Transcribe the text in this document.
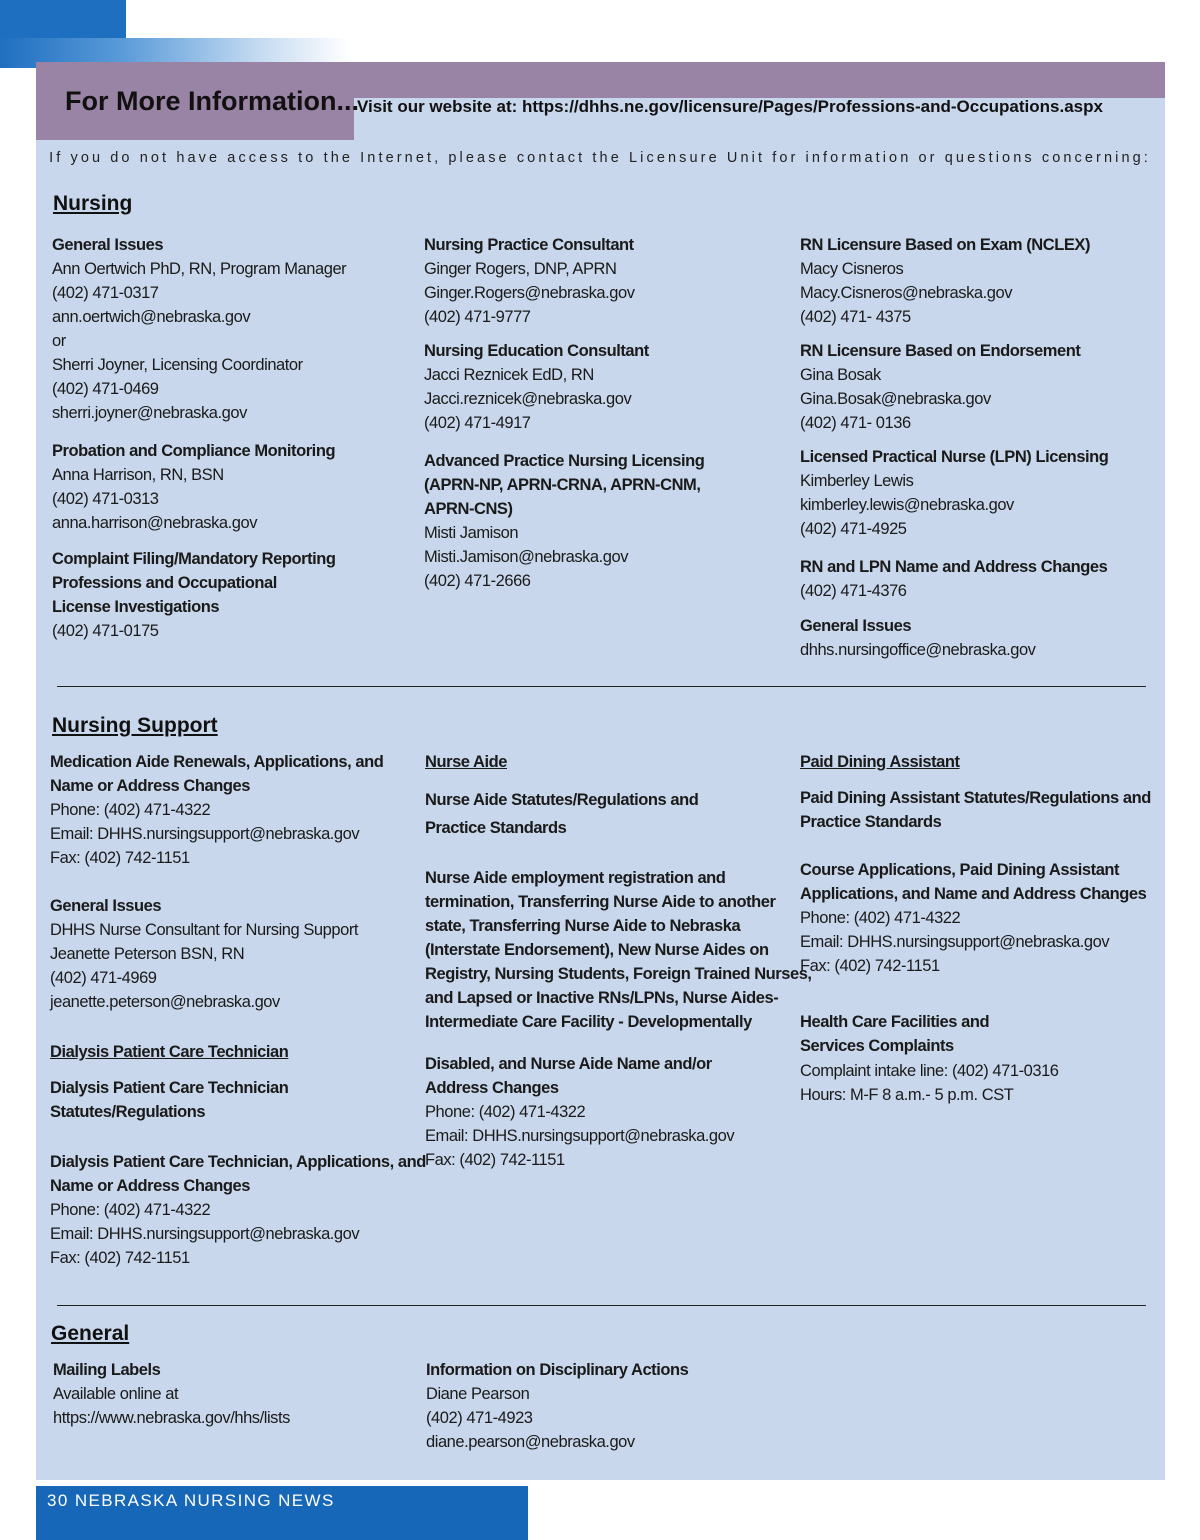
For More Information...
Visit our website at: https://dhhs.ne.gov/licensure/Pages/Professions-and-Occupations.aspx
If you do not have access to the Internet, please contact the Licensure Unit for information or questions concerning:
Nursing
General Issues
Ann Oertwich PhD, RN, Program Manager
(402) 471-0317
ann.oertwich@nebraska.gov
or
Sherri Joyner, Licensing Coordinator
(402) 471-0469
sherri.joyner@nebraska.gov
Probation and Compliance Monitoring
Anna Harrison, RN, BSN
(402) 471-0313
anna.harrison@nebraska.gov
Complaint Filing/Mandatory Reporting
Professions and Occupational
License Investigations
(402) 471-0175
Nursing Practice Consultant
Ginger Rogers, DNP, APRN
Ginger.Rogers@nebraska.gov
(402) 471-9777
Nursing Education Consultant
Jacci Reznicek EdD, RN
Jacci.reznicek@nebraska.gov
(402) 471-4917
Advanced Practice Nursing Licensing
(APRN-NP, APRN-CRNA, APRN-CNM,
APRN-CNS)
Misti Jamison
Misti.Jamison@nebraska.gov
(402) 471-2666
RN Licensure Based on Exam (NCLEX)
Macy Cisneros
Macy.Cisneros@nebraska.gov
(402) 471- 4375
RN Licensure Based on Endorsement
Gina Bosak
Gina.Bosak@nebraska.gov
(402) 471- 0136
Licensed Practical Nurse (LPN) Licensing
Kimberley Lewis
kimberley.lewis@nebraska.gov
(402) 471-4925
RN and LPN Name and Address Changes
(402) 471-4376
General Issues
dhhs.nursingoffice@nebraska.gov
Nursing Support
Medication Aide Renewals, Applications, and
Name or Address Changes
Phone: (402) 471-4322
Email: DHHS.nursingsupport@nebraska.gov
Fax: (402) 742-1151
General Issues
DHHS Nurse Consultant for Nursing Support
Jeanette Peterson BSN, RN
(402) 471-4969
jeanette.peterson@nebraska.gov
Dialysis Patient Care Technician
Dialysis Patient Care Technician
Statutes/Regulations
Dialysis Patient Care Technician, Applications, and
Name or Address Changes
Phone: (402) 471-4322
Email: DHHS.nursingsupport@nebraska.gov
Fax: (402) 742-1151
Nurse Aide
Nurse Aide Statutes/Regulations and
Practice Standards
Nurse Aide employment registration and
termination, Transferring Nurse Aide to another
state, Transferring Nurse Aide to Nebraska
(Interstate Endorsement), New Nurse Aides on
Registry, Nursing Students, Foreign Trained Nurses,
and Lapsed or Inactive RNs/LPNs, Nurse Aides-
Intermediate Care Facility - Developmentally
Disabled, and Nurse Aide Name and/or
Address Changes
Phone: (402) 471-4322
Email: DHHS.nursingsupport@nebraska.gov
Fax: (402) 742-1151
Paid Dining Assistant
Paid Dining Assistant Statutes/Regulations and
Practice Standards
Course Applications, Paid Dining Assistant
Applications, and Name and Address Changes
Phone: (402) 471-4322
Email: DHHS.nursingsupport@nebraska.gov
Fax: (402) 742-1151
Health Care Facilities and
Services Complaints
Complaint intake line: (402) 471-0316
Hours: M-F 8 a.m.- 5 p.m. CST
General
Mailing Labels
Available online at
https://www.nebraska.gov/hhs/lists
Information on Disciplinary Actions
Diane Pearson
(402) 471-4923
diane.pearson@nebraska.gov
30 NEBRASKA NURSING NEWS
